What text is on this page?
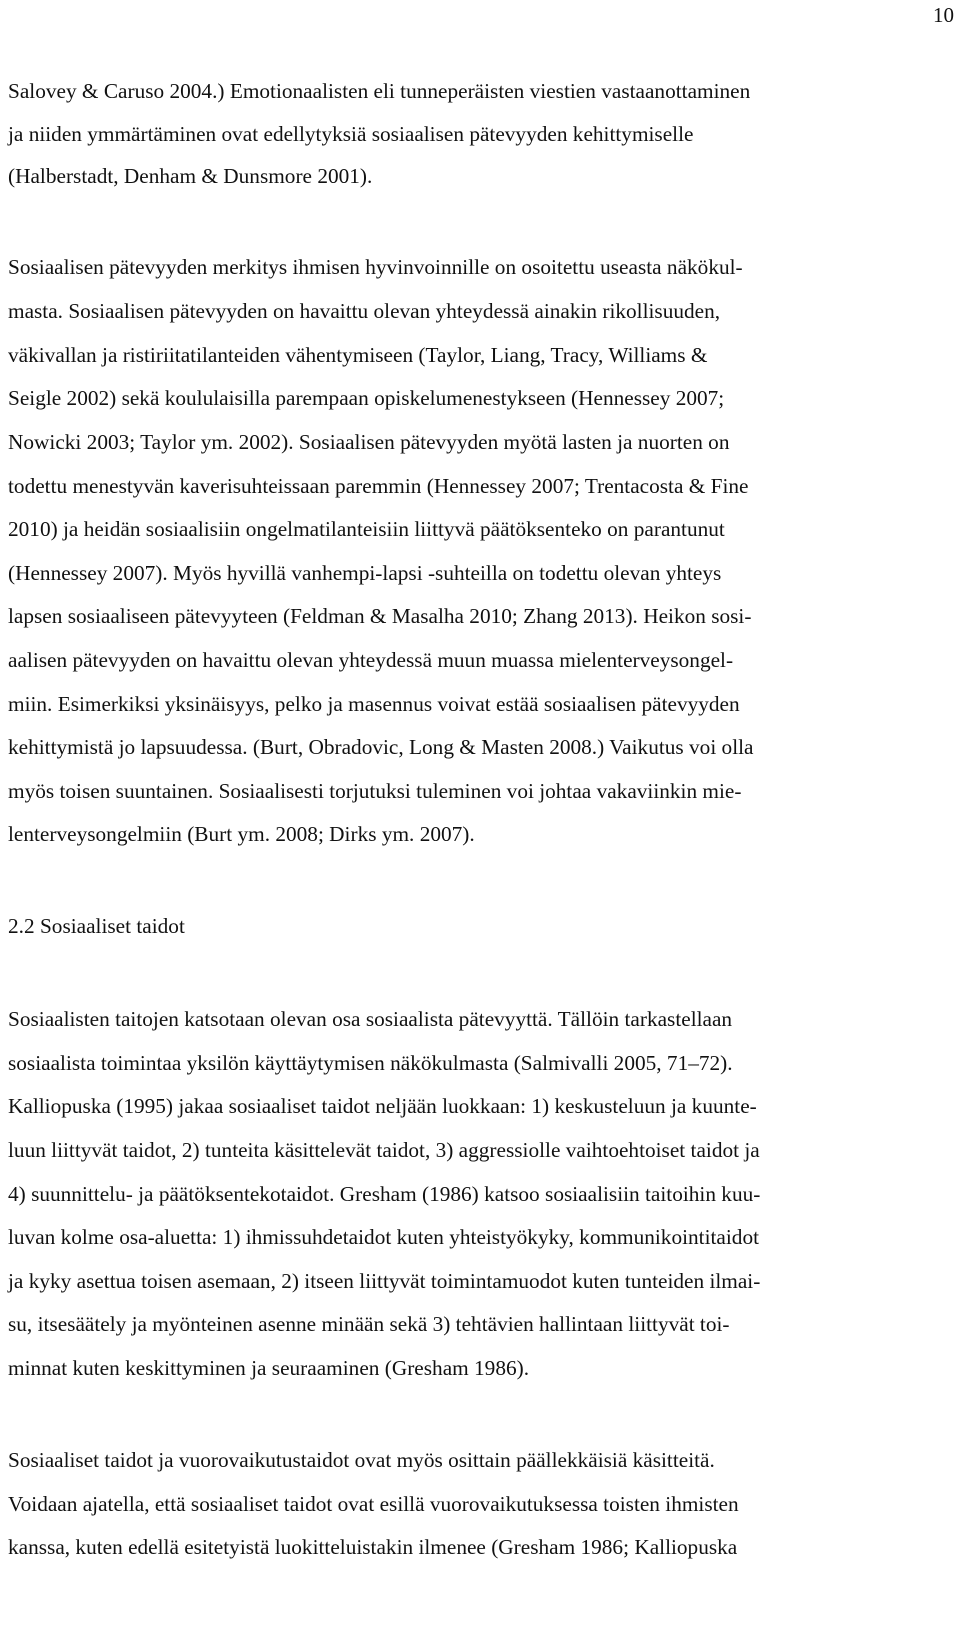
10
Salovey & Caruso 2004.) Emotionaalisten eli tunneperäisten viestien vastaanottaminen
ja niiden ymmärtäminen ovat edellytyksiä sosiaalisen pätevyyden kehittymiselle
(Halberstadt, Denham & Dunsmore 2001).
Sosiaalisen pätevyyden merkitys ihmisen hyvinvoinnille on osoitettu useasta näkökul-
masta. Sosiaalisen pätevyyden on havaittu olevan yhteydessä ainakin rikollisuuden,
väkivallan ja ristiriitatilanteiden vähentymiseen (Taylor, Liang, Tracy, Williams &
Seigle 2002) sekä koululaisilla parempaan opiskelumenestykseen (Hennessey 2007;
Nowicki 2003; Taylor ym. 2002). Sosiaalisen pätevyyden myötä lasten ja nuorten on
todettu menestyvän kaverisuhteissaan paremmin (Hennessey 2007; Trentacosta & Fine
2010) ja heidän sosiaalisiin ongelmatilanteisiin liittyvä päätöksenteko on parantunut
(Hennessey 2007). Myös hyvillä vanhempi-lapsi -suhteilla on todettu olevan yhteys
lapsen sosiaaliseen pätevyyteen (Feldman & Masalha 2010; Zhang 2013). Heikon sosi-
aalisen pätevyyden on havaittu olevan yhteydessä muun muassa mielenterveysongel-
miin. Esimerkiksi yksinäisyys, pelko ja masennus voivat estää sosiaalisen pätevyyden
kehittymistä jo lapsuudessa. (Burt, Obradovic, Long & Masten 2008.) Vaikutus voi olla
myös toisen suuntainen. Sosiaalisesti torjutuksi tuleminen voi johtaa vakaviinkin mie-
lenterveysongelmiin (Burt ym. 2008; Dirks ym. 2007).
2.2 Sosiaaliset taidot
Sosiaalisten taitojen katsotaan olevan osa sosiaalista pätevyyttä. Tällöin tarkastellaan
sosiaalista toimintaa yksilön käyttäytymisen näkökulmasta (Salmivalli 2005, 71–72).
Kalliopuska (1995) jakaa sosiaaliset taidot neljään luokkaan: 1) keskusteluun ja kuunte-
luun liittyvät taidot, 2) tunteita käsittelevät taidot, 3) aggressiolle vaihtoehtoiset taidot ja
4) suunnittelu- ja päätöksentekotaidot. Gresham (1986) katsoo sosiaalisiin taitoihin kuu-
luvan kolme osa-aluetta: 1) ihmissuhdetaidot kuten yhteistyökyky, kommunikointitaidot
ja kyky asettua toisen asemaan, 2) itseen liittyvät toimintamuodot kuten tunteiden ilmai-
su, itsesäätely ja myönteinen asenne minään sekä 3) tehtävien hallintaan liittyvät toi-
minnat kuten keskittyminen ja seuraaminen (Gresham 1986).
Sosiaaliset taidot ja vuorovaikutustaidot ovat myös osittain päällekkäisiä käsitteitä.
Voidaan ajatella, että sosiaaliset taidot ovat esillä vuorovaikutuksessa toisten ihmisten
kanssa, kuten edellä esitetyistä luokitteluistakin ilmenee (Gresham 1986; Kalliopuska
